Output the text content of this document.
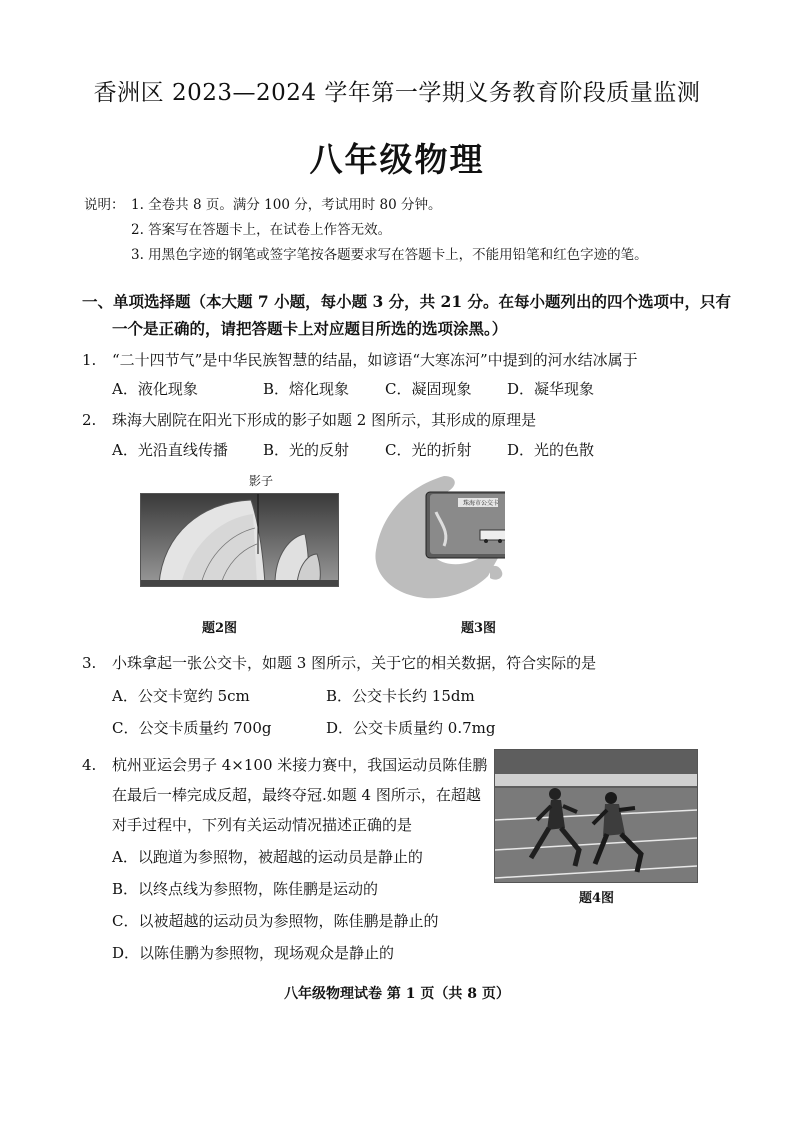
香洲区 2023—2024 学年第一学期义务教育阶段质量监测
八年级物理
说明： 1. 全卷共 8 页。满分 100 分，考试用时 80 分钟。
2. 答案写在答题卡上，在试卷上作答无效。
3. 用黑色字迹的钢笔或签字笔按各题要求写在答题卡上，不能用铅笔和红色字迹的笔。
一、单项选择题（本大题 7 小题，每小题 3 分，共 21 分。在每小题列出的四个选项中，只有
一个是正确的，请把答题卡上对应题目所选的选项涂黑。）
1. “二十四节气”是中华民族智慧的结晶，如谚语“大寒冻河”中提到的河水结冰属于
A．液化现象	B．熔化现象 C．凝固现象 D．凝华现象
2. 珠海大剧院在阳光下形成的影子如题 2 图所示，其形成的原理是
A．光沿直线传播 B．光的反射 C．光的折射 D．光的色散
影子
题2图
珠海市公交卡
题3图
3. 小珠拿起一张公交卡，如题 3 图所示，关于它的相关数据，符合实际的是
A．公交卡宽约 5cm	B．公交卡长约 15dm
C．公交卡质量约 700g	D．公交卡质量约 0.7mg
4. 杭州亚运会男子 4×100 米接力赛中，我国运动员陈佳鹏
在最后一棒完成反超，最终夺冠.如题 4 图所示，在超越
对手过程中，下列有关运动情况描述正确的是
A．以跑道为参照物，被超越的运动员是静止的
B．以终点线为参照物，陈佳鹏是运动的
C．以被超越的运动员为参照物，陈佳鹏是静止的
D．以陈佳鹏为参照物，现场观众是静止的
题4图
八年级物理试卷 第 1 页（共 8 页）
